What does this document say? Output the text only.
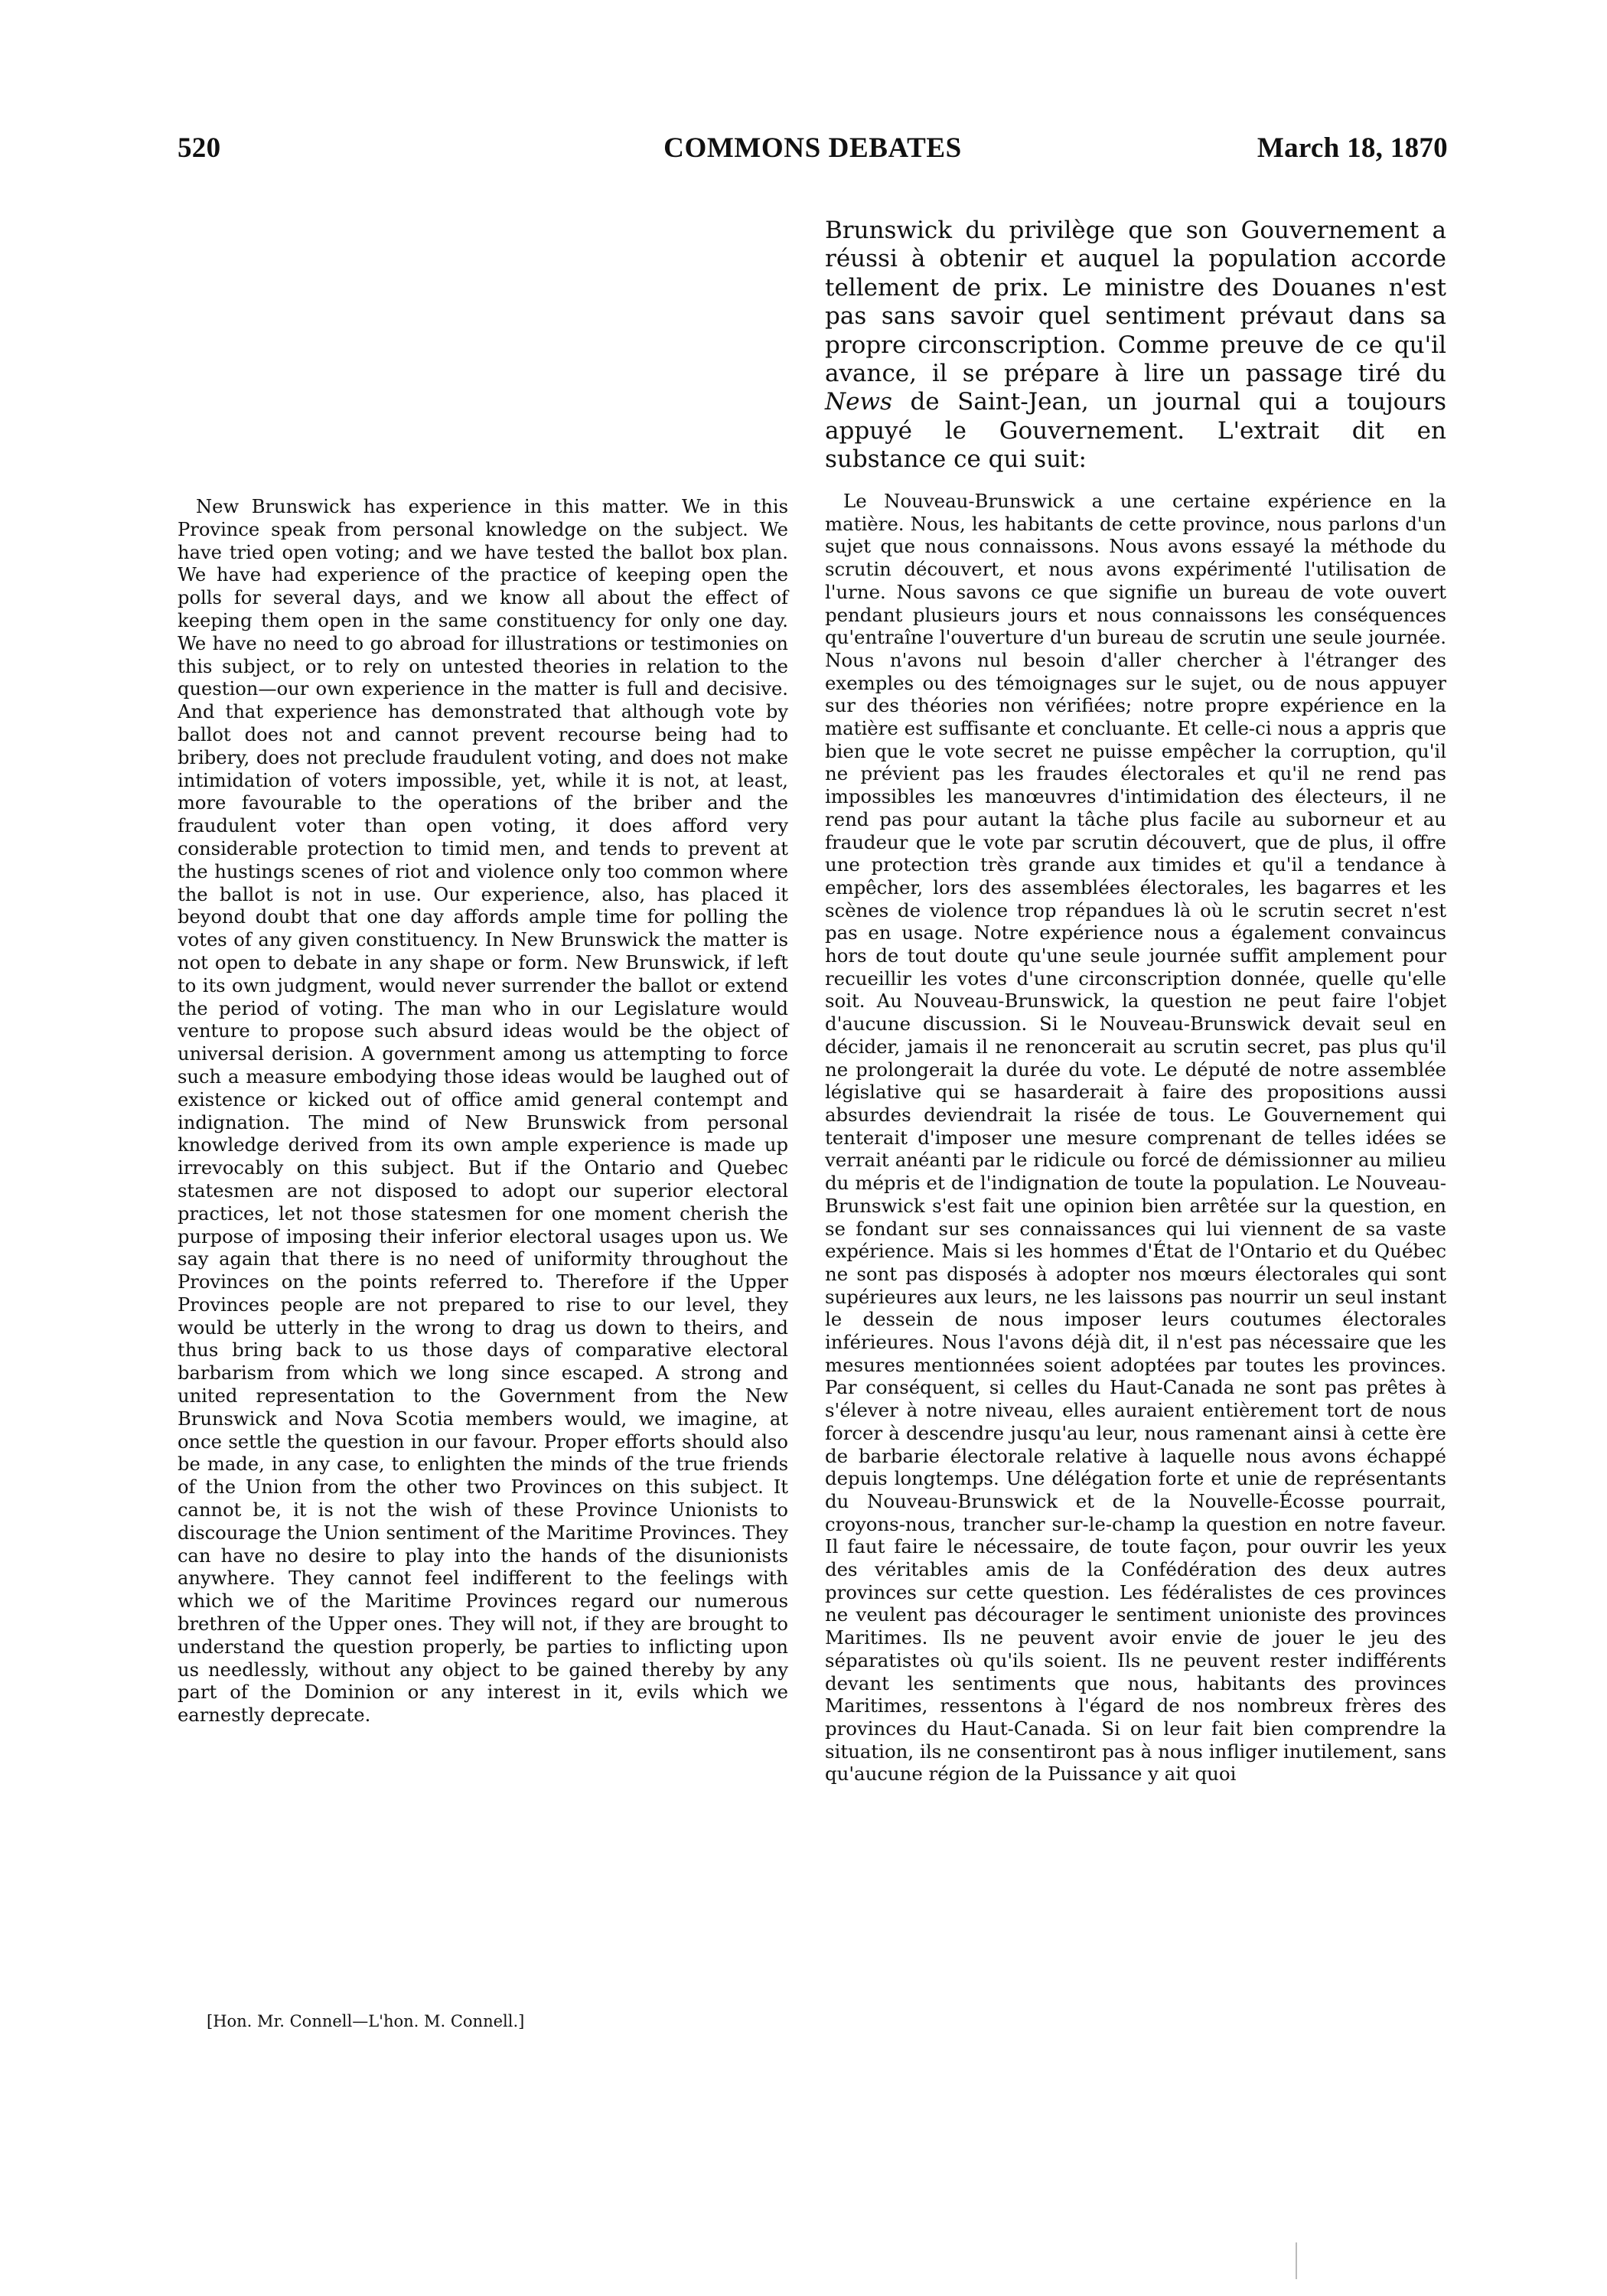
520	COMMONS DEBATES	March 18, 1870

New Brunswick has experience in this matter. We in this Province speak from personal knowledge on the subject. We have tried open voting; and we have tested the ballot box plan. We have had experience of the practice of keeping open the polls for several days, and we know all about the effect of keeping them open in the same constituency for only one day. We have no need to go abroad for illustrations or testimonies on this subject, or to rely on untested theories in relation to the question—our own experience in the matter is full and decisive. And that experience has demonstrated that although vote by ballot does not and cannot prevent recourse being had to bribery, does not preclude fraudulent voting, and does not make intimidation of voters impossible, yet, while it is not, at least, more favourable to the operations of the briber and the fraudulent voter than open voting, it does afford very considerable protection to timid men, and tends to prevent at the hustings scenes of riot and violence only too common where the ballot is not in use. Our experience, also, has placed it beyond doubt that one day affords ample time for polling the votes of any given constituency. In New Brunswick the matter is not open to debate in any shape or form. New Brunswick, if left to its own judgment, would never surrender the ballot or extend the period of voting. The man who in our Legislature would venture to propose such absurd ideas would be the object of universal derision. A government among us attempting to force such a measure embodying those ideas would be laughed out of existence or kicked out of office amid general contempt and indignation. The mind of New Brunswick from personal knowledge derived from its own ample experience is made up irrevocably on this subject. But if the Ontario and Quebec statesmen are not disposed to adopt our superior electoral practices, let not those statesmen for one moment cherish the purpose of imposing their inferior electoral usages upon us. We say again that there is no need of uniformity throughout the Provinces on the points referred to. Therefore if the Upper Provinces people are not prepared to rise to our level, they would be utterly in the wrong to drag us down to theirs, and thus bring back to us those days of comparative electoral barbarism from which we long since escaped. A strong and united representation to the Government from the New Brunswick and Nova Scotia members would, we imagine, at once settle the question in our favour. Proper efforts should also be made, in any case, to enlighten the minds of the true friends of the Union from the other two Provinces on this subject. It cannot be, it is not the wish of these Province Unionists to discourage the Union sentiment of the Maritime Provinces. They can have no desire to play into the hands of the disunionists anywhere. They cannot feel indifferent to the feelings with which we of the Maritime Provinces regard our numerous brethren of the Upper ones. They will not, if they are brought to understand the question properly, be parties to inflicting upon us needlessly, without any object to be gained thereby by any part of the Dominion or any interest in it, evils which we earnestly deprecate.

Brunswick du privilège que son Gouvernement a réussi à obtenir et auquel la population accorde tellement de prix. Le ministre des Douanes n'est pas sans savoir quel sentiment prévaut dans sa propre circonscription. Comme preuve de ce qu'il avance, il se prépare à lire un passage tiré du News de Saint-Jean, un journal qui a toujours appuyé le Gouvernement. L'extrait dit en substance ce qui suit:

Le Nouveau-Brunswick a une certaine expérience en la matière. Nous, les habitants de cette province, nous parlons d'un sujet que nous connaissons. Nous avons essayé la méthode du scrutin découvert, et nous avons expérimenté l'utilisation de l'urne. Nous savons ce que signifie un bureau de vote ouvert pendant plusieurs jours et nous connaissons les conséquences qu'entraîne l'ouverture d'un bureau de scrutin une seule journée. Nous n'avons nul besoin d'aller chercher à l'étranger des exemples ou des témoignages sur le sujet, ou de nous appuyer sur des théories non vérifiées; notre propre expérience en la matière est suffisante et concluante. Et celle-ci nous a appris que bien que le vote secret ne puisse empêcher la corruption, qu'il ne prévient pas les fraudes électorales et qu'il ne rend pas impossibles les manœuvres d'intimidation des électeurs, il ne rend pas pour autant la tâche plus facile au suborneur et au fraudeur que le vote par scrutin découvert, que de plus, il offre une protection très grande aux timides et qu'il a tendance à empêcher, lors des assemblées électorales, les bagarres et les scènes de violence trop répandues là où le scrutin secret n'est pas en usage. Notre expérience nous a également convaincus hors de tout doute qu'une seule journée suffit amplement pour recueillir les votes d'une circonscription donnée, quelle qu'elle soit. Au Nouveau-Brunswick, la question ne peut faire l'objet d'aucune discussion. Si le Nouveau-Brunswick devait seul en décider, jamais il ne renoncerait au scrutin secret, pas plus qu'il ne prolongerait la durée du vote. Le député de notre assemblée législative qui se hasarderait à faire des propositions aussi absurdes deviendrait la risée de tous. Le Gouvernement qui tenterait d'imposer une mesure comprenant de telles idées se verrait anéanti par le ridicule ou forcé de démissionner au milieu du mépris et de l'indignation de toute la population. Le Nouveau-Brunswick s'est fait une opinion bien arrêtée sur la question, en se fondant sur ses connaissances qui lui viennent de sa vaste expérience. Mais si les hommes d'État de l'Ontario et du Québec ne sont pas disposés à adopter nos mœurs électorales qui sont supérieures aux leurs, ne les laissons pas nourrir un seul instant le dessein de nous imposer leurs coutumes électorales inférieures. Nous l'avons déjà dit, il n'est pas nécessaire que les mesures mentionnées soient adoptées par toutes les provinces. Par conséquent, si celles du Haut-Canada ne sont pas prêtes à s'élever à notre niveau, elles auraient entièrement tort de nous forcer à descendre jusqu'au leur, nous ramenant ainsi à cette ère de barbarie électorale relative à laquelle nous avons échappé depuis longtemps. Une délégation forte et unie de représentants du Nouveau-Brunswick et de la Nouvelle-Écosse pourrait, croyons-nous, trancher sur-le-champ la question en notre faveur. Il faut faire le nécessaire, de toute façon, pour ouvrir les yeux des véritables amis de la Confédération des deux autres provinces sur cette question. Les fédéralistes de ces provinces ne veulent pas décourager le sentiment unioniste des provinces Maritimes. Ils ne peuvent avoir envie de jouer le jeu des séparatistes où qu'ils soient. Ils ne peuvent rester indifférents devant les sentiments que nous, habitants des provinces Maritimes, ressentons à l'égard de nos nombreux frères des provinces du Haut-Canada. Si on leur fait bien comprendre la situation, ils ne consentiront pas à nous infliger inutilement, sans qu'aucune région de la Puissance y ait quoi

[Hon. Mr. Connell—L'hon. M. Connell.]
